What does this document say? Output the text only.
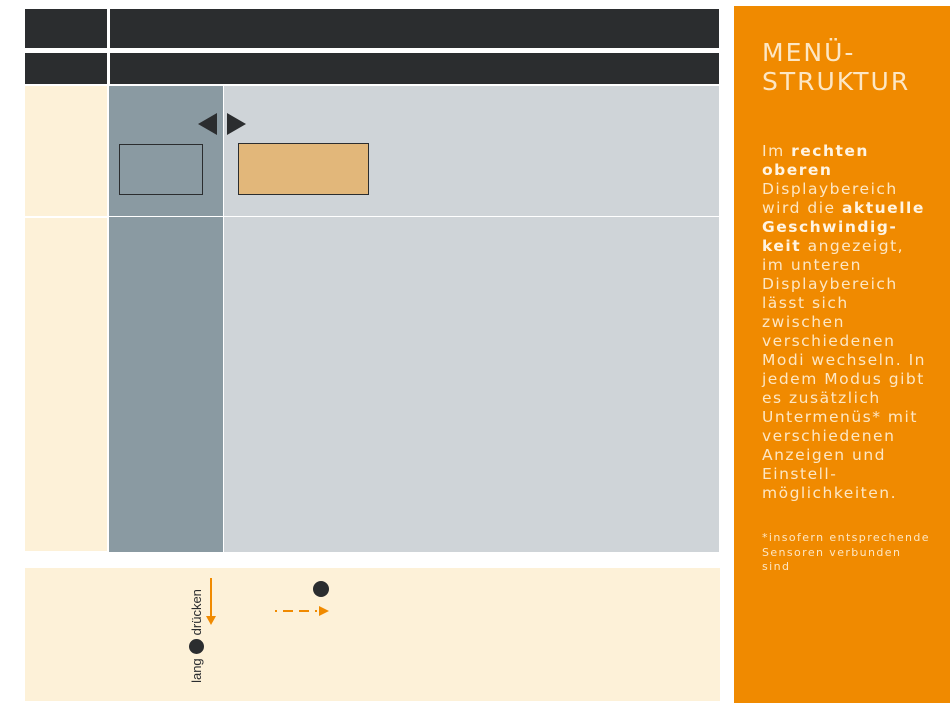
lang
drücken
MENÜ-
STRUKTUR
Im rechten oberen Displaybereich wird die aktuelle Geschwindig-keit angezeigt, im unteren Displaybereich lässt sich zwischen verschiedenen Modi wechseln. In jedem Modus gibt es zusätzlich Untermenüs* mit verschiedenen Anzeigen und Einstell-möglichkeiten.
*insofern entsprechende Sensoren verbunden sind
